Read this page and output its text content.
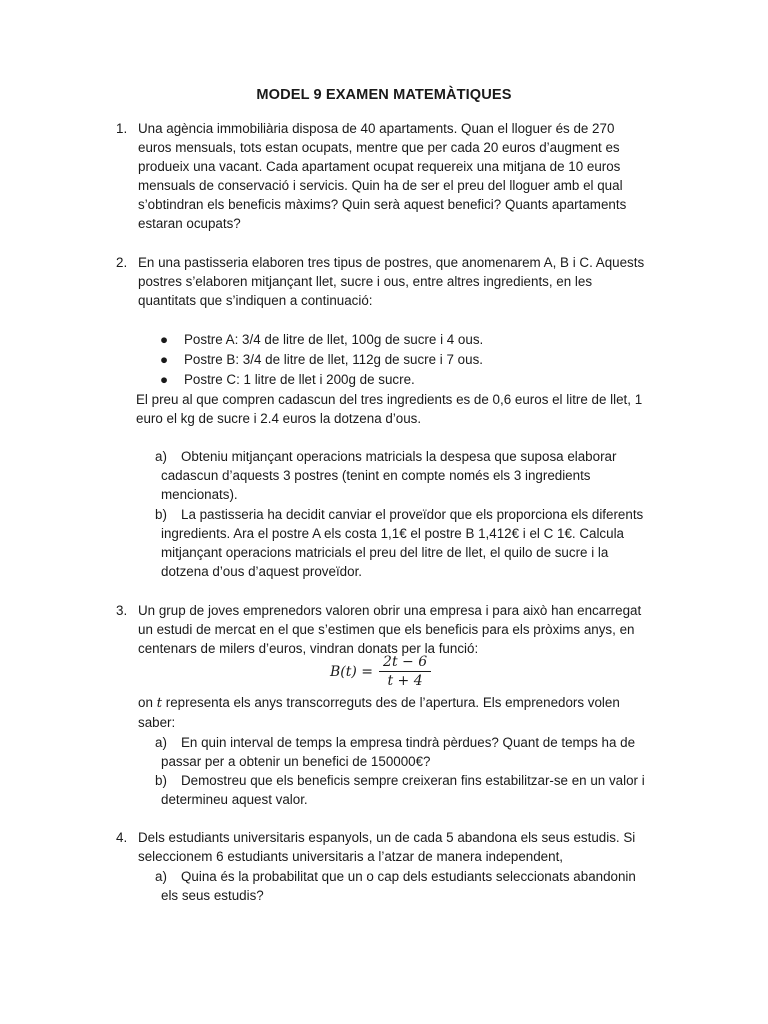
MODEL 9 EXAMEN MATEMÀTIQUES
1. Una agència immobiliària disposa de 40 apartaments. Quan el lloguer és de 270
euros mensuals, tots estan ocupats, mentre que per cada 20 euros d’augment es
produeix una vacant. Cada apartament ocupat requereix una mitjana de 10 euros
mensuals de conservació i servicis. Quin ha de ser el preu del lloguer amb el qual
s’obtindran els beneficis màxims? Quin serà aquest benefici? Quants apartaments
estaran ocupats?
2. En una pastisseria elaboren tres tipus de postres, que anomenarem A, B i C. Aquests
postres s’elaboren mitjançant llet, sucre i ous, entre altres ingredients, en les
quantitats que s’indiquen a continuació:
● Postre A: 3/4 de litre de llet, 100g de sucre i 4 ous.
● Postre B: 3/4 de litre de llet, 112g de sucre i 7 ous.
● Postre C: 1 litre de llet i 200g de sucre.
El preu al que compren cadascun del tres ingredients es de 0,6 euros el litre de llet, 1
euro el kg de sucre i 2.4 euros la dotzena d’ous.
a)	Obteniu mitjançant operacions matricials la despesa que suposa elaborar
cadascun d’aquests 3 postres (tenint en compte només els 3 ingredients
mencionats).
b)	La pastisseria ha decidit canviar el proveïdor que els proporciona els diferents
ingredients. Ara el postre A els costa 1,1€ el postre B 1,412€ i el C 1€. Calcula
mitjançant operacions matricials el preu del litre de llet, el quilo de sucre i la
dotzena d’ous d’aquest proveïdor.
3. Un grup de joves emprenedors valoren obrir una empresa i para això han encarregat
un estudi de mercat en el que s’estimen que els beneficis para els pròxims anys, en
centenars de milers d’euros, vindran donats per la funció:
$B(t) = \frac{2t - 6}{t + 4}$
on t representa els anys transcorreguts des de l’apertura. Els emprenedors volen
saber:
a)	En quin interval de temps la empresa tindrà pèrdues? Quant de temps ha de
passar per a obtenir un benefici de 150000€?
b)	Demostreu que els beneficis sempre creixeran fins estabilitzar-se en un valor i
determineu aquest valor.
4. Dels estudiants universitaris espanyols, un de cada 5 abandona els seus estudis. Si
seleccionem 6 estudiants universitaris a l’atzar de manera independent,
a)	Quina és la probabilitat que un o cap dels estudiants seleccionats abandonin
els seus estudis?
